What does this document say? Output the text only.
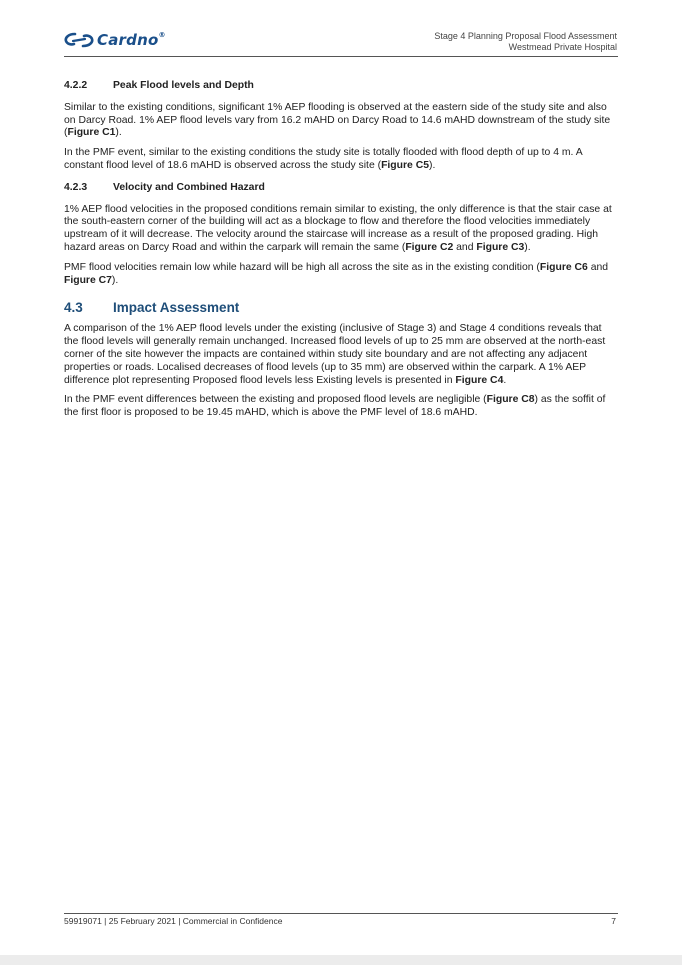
Cardno®	Stage 4 Planning Proposal Flood Assessment
Westmead Private Hospital
4.2.2	Peak Flood levels and Depth

Similar to the existing conditions, significant 1% AEP flooding is observed at the eastern side of the study site and also on Darcy Road. 1% AEP flood levels vary from 16.2 mAHD on Darcy Road to 14.6 mAHD downstream of the study site (Figure C1).

In the PMF event, similar to the existing conditions the study site is totally flooded with flood depth of up to 4 m. A constant flood level of 18.6 mAHD is observed across the study site (Figure C5).

4.2.3	Velocity and Combined Hazard

1% AEP flood velocities in the proposed conditions remain similar to existing, the only difference is that the stair case at the south-eastern corner of the building will act as a blockage to flow and therefore the flood velocities immediately upstream of it will decrease. The velocity around the staircase will increase as a result of the proposed grading. High hazard areas on Darcy Road and within the carpark will remain the same (Figure C2 and Figure C3).

PMF flood velocities remain low while hazard will be high all across the site as in the existing condition (Figure C6 and Figure C7).

4.3	Impact Assessment

A comparison of the 1% AEP flood levels under the existing (inclusive of Stage 3) and Stage 4 conditions reveals that the flood levels will generally remain unchanged. Increased flood levels of up to 25 mm are observed at the north-east corner of the site however the impacts are contained within study site boundary and are not affecting any adjacent properties or roads. Localised decreases of flood levels (up to 35 mm) are observed within the carpark. A 1% AEP difference plot representing Proposed flood levels less Existing levels is presented in Figure C4.

In the PMF event differences between the existing and proposed flood levels are negligible (Figure C8) as the soffit of the first floor is proposed to be 19.45 mAHD, which is above the PMF level of 18.6 mAHD.

59919071 | 25 February 2021 | Commercial in Confidence	7
